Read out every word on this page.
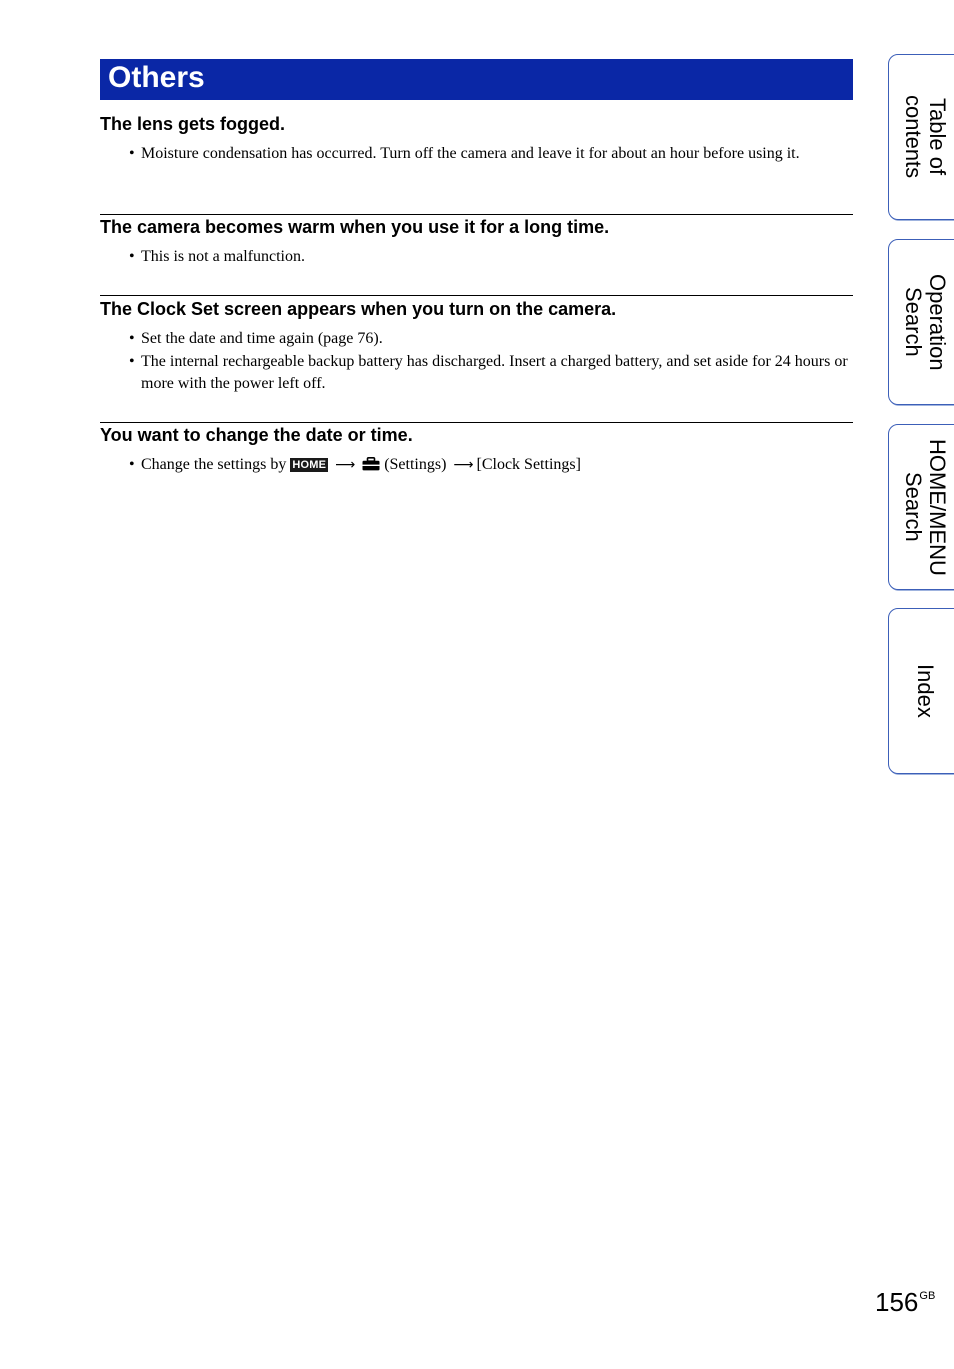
Others
The lens gets fogged.
• Moisture condensation has occurred. Turn off the camera and leave it for about an hour before using it.
The camera becomes warm when you use it for a long time.
• This is not a malfunction.
The Clock Set screen appears when you turn on the camera.
• Set the date and time again (page 76).
• The internal rechargeable backup battery has discharged. Insert a charged battery, and set aside for 24 hours or more with the power left off.
You want to change the date or time.
• Change the settings by HOME ⟶ (Settings) ⟶ [Clock Settings]
Table of contents
Operation Search
HOME/MENU Search
Index
$156^{GB}$
